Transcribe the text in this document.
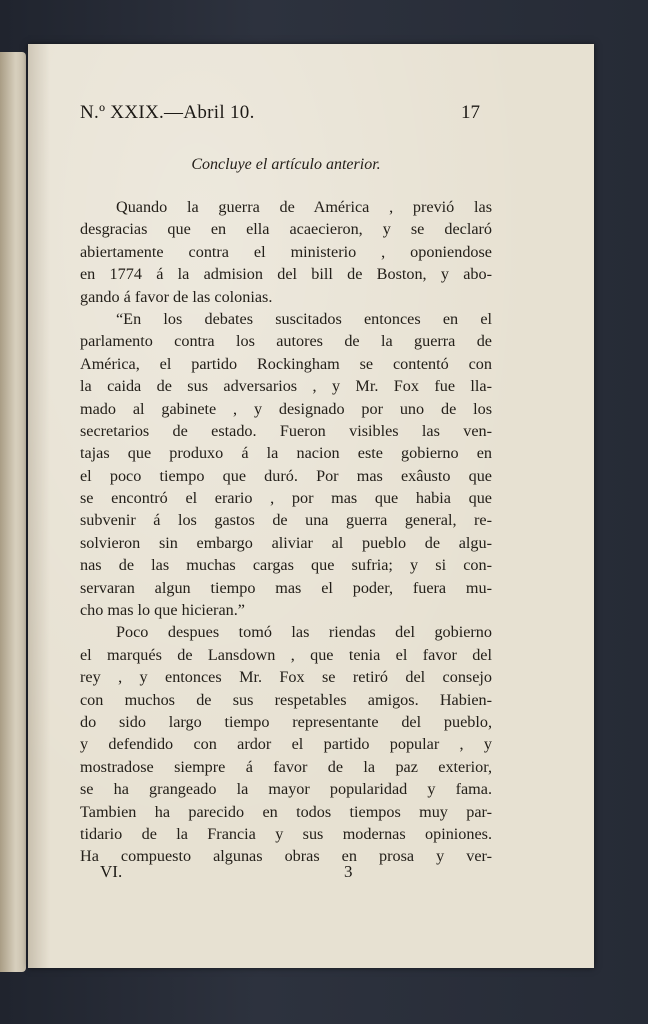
N.º XXIX.—Abril 10.	17
Concluye el artículo anterior.
Quando la guerra de América , previó las
desgracias que en ella acaecieron, y se declaró
abiertamente contra el ministerio , oponiendose
en 1774 á la admision del bill de Boston, y abo-
gando á favor de las colonias.
“En los debates suscitados entonces en el
parlamento contra los autores de la guerra de
América, el partido Rockingham se contentó con
la caida de sus adversarios , y Mr. Fox fue lla-
mado al gabinete , y designado por uno de los
secretarios de estado. Fueron visibles las ven-
tajas que produxo á la nacion este gobierno en
el poco tiempo que duró. Por mas exâusto que
se encontró el erario , por mas que habia que
subvenir á los gastos de una guerra general, re-
solvieron sin embargo aliviar al pueblo de algu-
nas de las muchas cargas que sufria; y si con-
servaran algun tiempo mas el poder, fuera mu-
cho mas lo que hicieran.”
Poco despues tomó las riendas del gobierno
el marqués de Lansdown , que tenia el favor del
rey , y entonces Mr. Fox se retiró del consejo
con muchos de sus respetables amigos. Habien-
do sido largo tiempo representante del pueblo,
y defendido con ardor el partido popular , y
mostradose siempre á favor de la paz exterior,
se ha grangeado la mayor popularidad y fama.
Tambien ha parecido en todos tiempos muy par-
tidario de la Francia y sus modernas opiniones.
Ha compuesto algunas obras en prosa y ver-
VI.	3
